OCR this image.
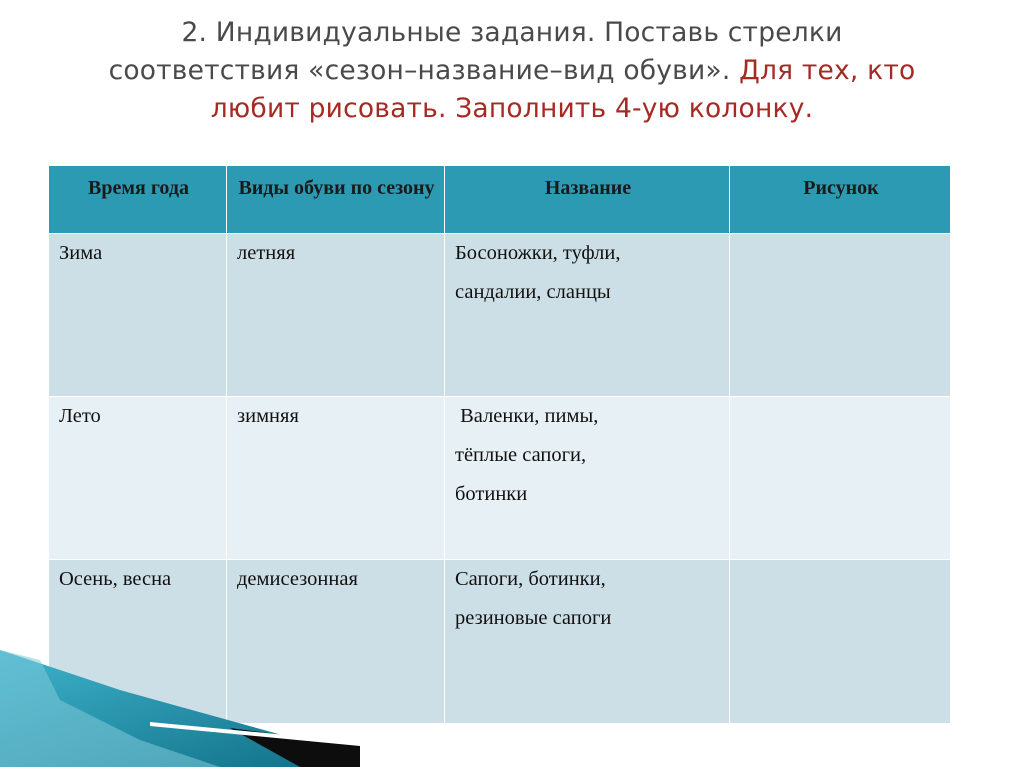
2. Индивидуальные задания. Поставь стрелки
соответствия «сезон–название–вид обуви». Для тех, кто
любит рисовать. Заполнить 4-ую колонку.
Время года	Виды обуви по сезону	Название	Рисунок
Зима	летняя	Босоножки, туфли,
сандалии, сланцы	

Лето	зимняя	Валенки, пимы,
тёплые сапоги,
ботинки	

Осень, весна	демисезонная	Сапоги, ботинки,
резиновые сапоги	
